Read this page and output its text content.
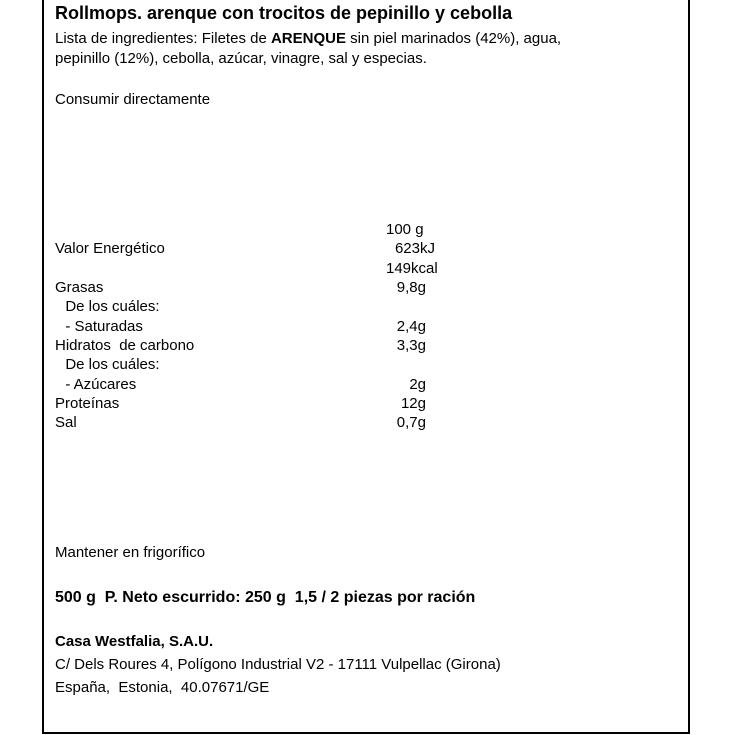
Rollmops. arenque con trocitos de pepinillo y cebolla
Lista de ingredientes: Filetes de ARENQUE sin piel marinados (42%), agua,
pepinillo (12%), cebolla, azúcar, vinagre, sal y especias.
Consumir directamente
100 g
Valor Energético	623kJ
149kcal
Grasas	9,8g
De los cuáles:
- Saturadas	2,4g
Hidratos  de carbono	3,3g
De los cuáles:
- Azúcares	2g
Proteínas	12g
Sal	0,7g
Mantener en frigorífico
500 g  P. Neto escurrido: 250 g  1,5 / 2 piezas por ración
Casa Westfalia, S.A.U.
C/ Dels Roures 4, Polígono Industrial V2 - 17111 Vulpellac (Girona)
España,  Estonia,  40.07671/GE
